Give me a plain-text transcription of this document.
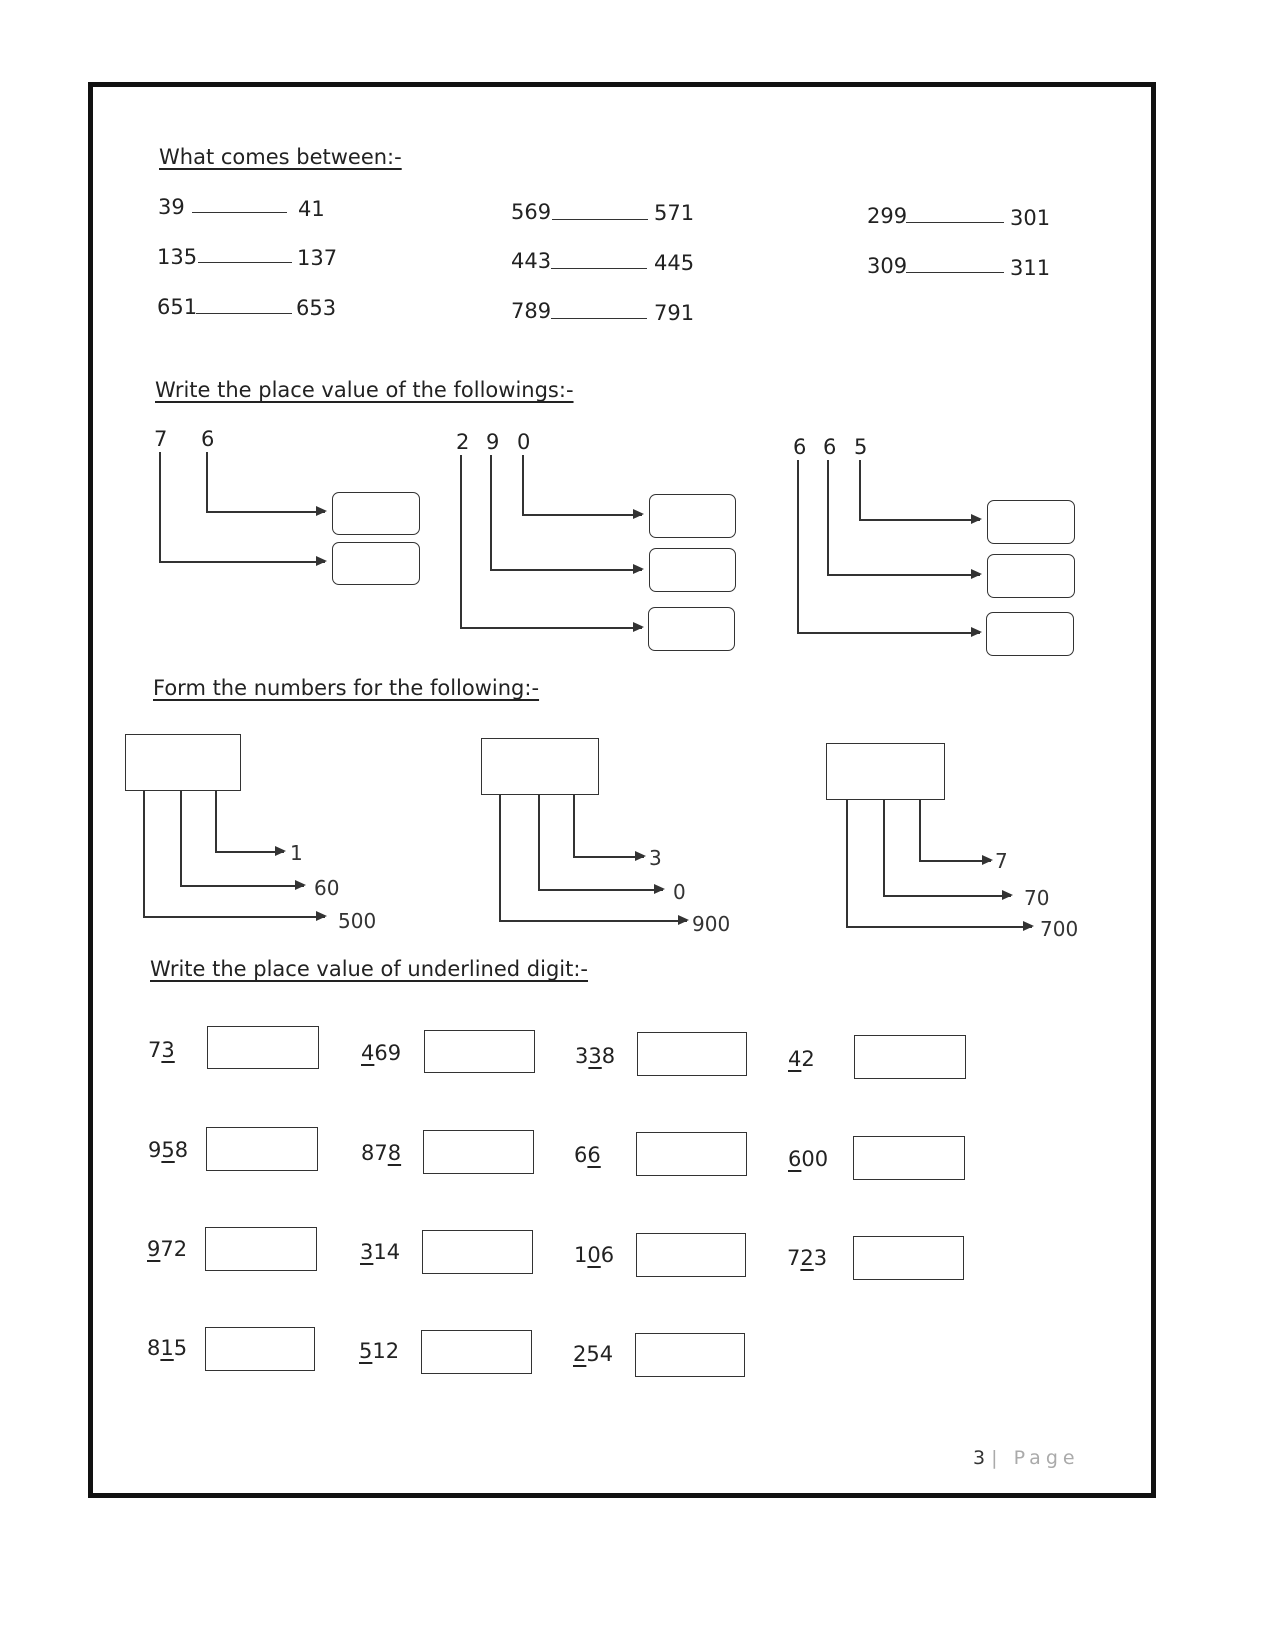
What comes between:-
39	41	569	571	299	301
135	137	443	445	309	311
651	653	789	791
Write the place value of the followings:-
7 6	2 9 0	6 6 5
Form the numbers for the following:-
1
60
500
3
0
900
7
70
700
Write the place value of underlined digit:-
73	469	338	42
958	878	66	600
972	314	106	723
815	512	254
3 | Page
